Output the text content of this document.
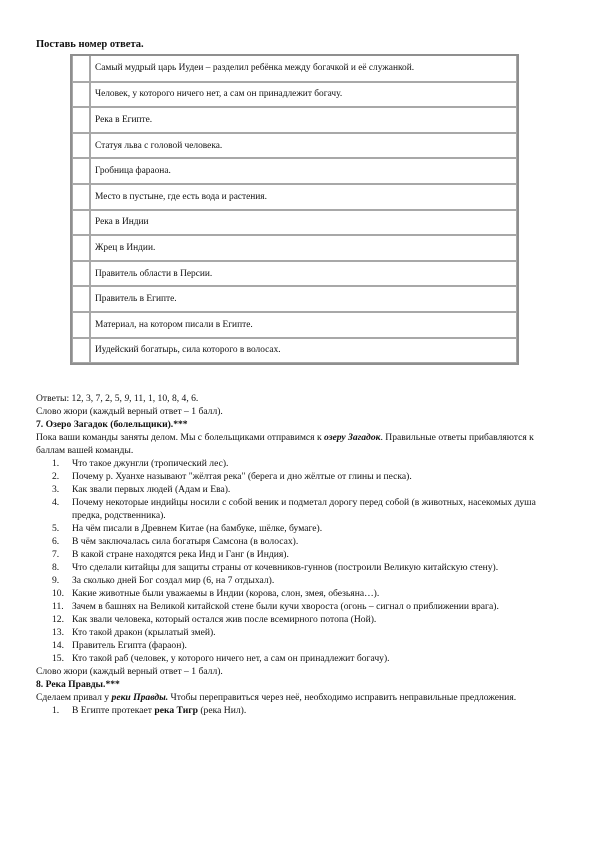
Поставь номер ответа.
	Самый мудрый царь Иудеи – разделил ребёнка между богачкой и её служанкой.
	Человек, у которого ничего нет, а сам он принадлежит богачу.
	Река в Египте.
	Статуя льва с головой человека.
	Гробница фараона.
	Место в пустыне, где есть вода и растения.
	Река в Индии
	Жрец в Индии.
	Правитель области в Персии.
	Правитель в Египте.
	Материал, на котором писали в Египте.
	Иудейский богатырь, сила которого в волосах.

Ответы: 12, 3, 7, 2, 5, 9, 11, 1, 10, 8, 4, 6.

Слово жюри (каждый верный ответ – 1 балл).

7. Озеро Загадок (болельщики).***

Пока ваши команды заняты делом. Мы с болельщиками отправимся к озеру Загадок. Правильные ответы прибавляются к баллам вашей команды.

1. Что такое джунгли (тропический лес).
2. Почему р. Хуанхе называют "жёлтая река" (берега и дно жёлтые от глины и песка).
3. Как звали первых людей (Адам и Ева).
4. Почему некоторые индийцы носили с собой веник и подметал дорогу перед собой (в животных, насекомых душа предка, родственника).
5. На чём писали в Древнем Китае (на бамбуке, шёлке, бумаге).
6. В чём заключалась сила богатыря Самсона (в волосах).
7. В какой стране находятся река Инд и Ганг (в Индия).
8. Что сделали китайцы для защиты страны от кочевников-гуннов (построили Великую китайскую стену).
9. За сколько дней Бог создал мир (6, на 7 отдыхал).
10. Какие животные были уважаемы в Индии (корова, слон, змея, обезьяна…).
11. Зачем в башнях на Великой китайской стене были кучи хвороста (огонь – сигнал о приближении врага).
12. Как звали человека, который остался жив после всемирного потопа (Ной).
13. Кто такой дракон (крылатый змей).
14. Правитель Египта (фараон).
15. Кто такой раб (человек, у которого ничего нет, а сам он принадлежит богачу).

Слово жюри (каждый верный ответ – 1 балл).

8. Река Правды.***

Сделаем привал у реки Правды. Чтобы переправиться через неё, необходимо исправить неправильные предложения.

1. В Египте протекает река Тигр (река Нил).
